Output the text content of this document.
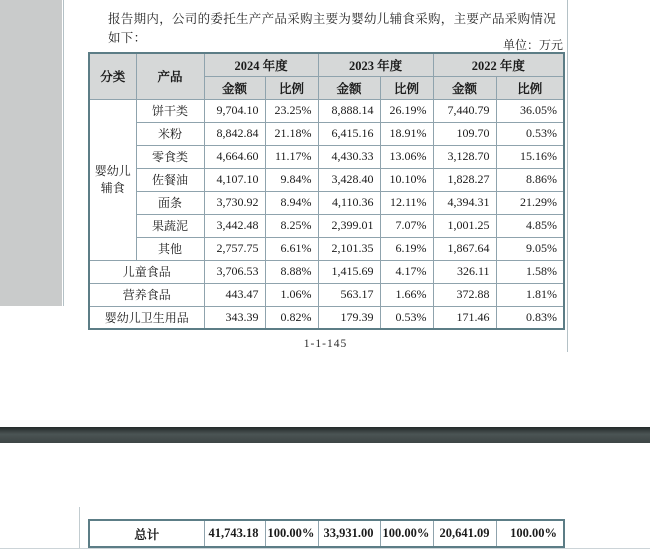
报告期内，公司的委托生产产品采购主要为婴幼儿辅食采购，主要产品采购情况如下：
单位：万元
分类	产品	2024 年度		2023 年度		2022 年度	
		金额	比例	金额	比例	金额	比例
婴幼儿辅食	饼干类	9,704.10	23.25%	8,888.14	26.19%	7,440.79	36.05%
	米粉	8,842.84	21.18%	6,415.16	18.91%	109.70	0.53%
	零食类	4,664.60	11.17%	4,430.33	13.06%	3,128.70	15.16%
	佐餐油	4,107.10	9.84%	3,428.40	10.10%	1,828.27	8.86%
	面条	3,730.92	8.94%	4,110.36	12.11%	4,394.31	21.29%
	果蔬泥	3,442.48	8.25%	2,399.01	7.07%	1,001.25	4.85%
	其他	2,757.75	6.61%	2,101.35	6.19%	1,867.64	9.05%
儿童食品		3,706.53	8.88%	1,415.69	4.17%	326.11	1.58%
营养食品		443.47	1.06%	563.17	1.66%	372.88	1.81%
婴幼儿卫生用品		343.39	0.82%	179.39	0.53%	171.46	0.83%
1-1-145
总计	41,743.18	100.00%	33,931.00	100.00%	20,641.09	100.00%
